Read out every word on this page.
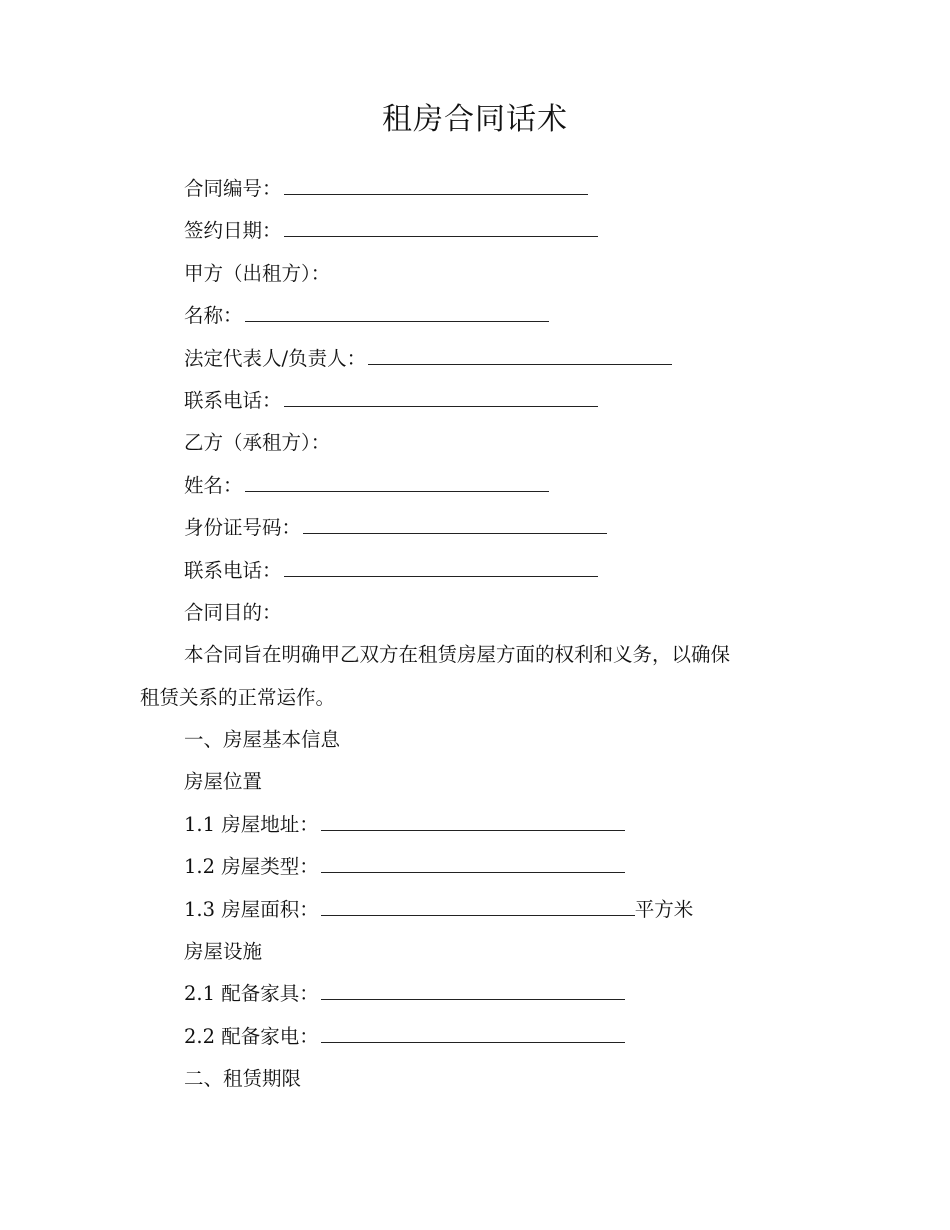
租房合同话术
合同编号：
签约日期：
甲方（出租方）：
名称：
法定代表人/负责人：
联系电话：
乙方（承租方）：
姓名：
身份证号码：
联系电话：
合同目的：
本合同旨在明确甲乙双方在租赁房屋方面的权利和义务，以确保
租赁关系的正常运作。
一、房屋基本信息
房屋位置
1.1 房屋地址：
1.2 房屋类型：
1.3 房屋面积：	平方米
房屋设施
2.1 配备家具：
2.2 配备家电：
二、租赁期限
